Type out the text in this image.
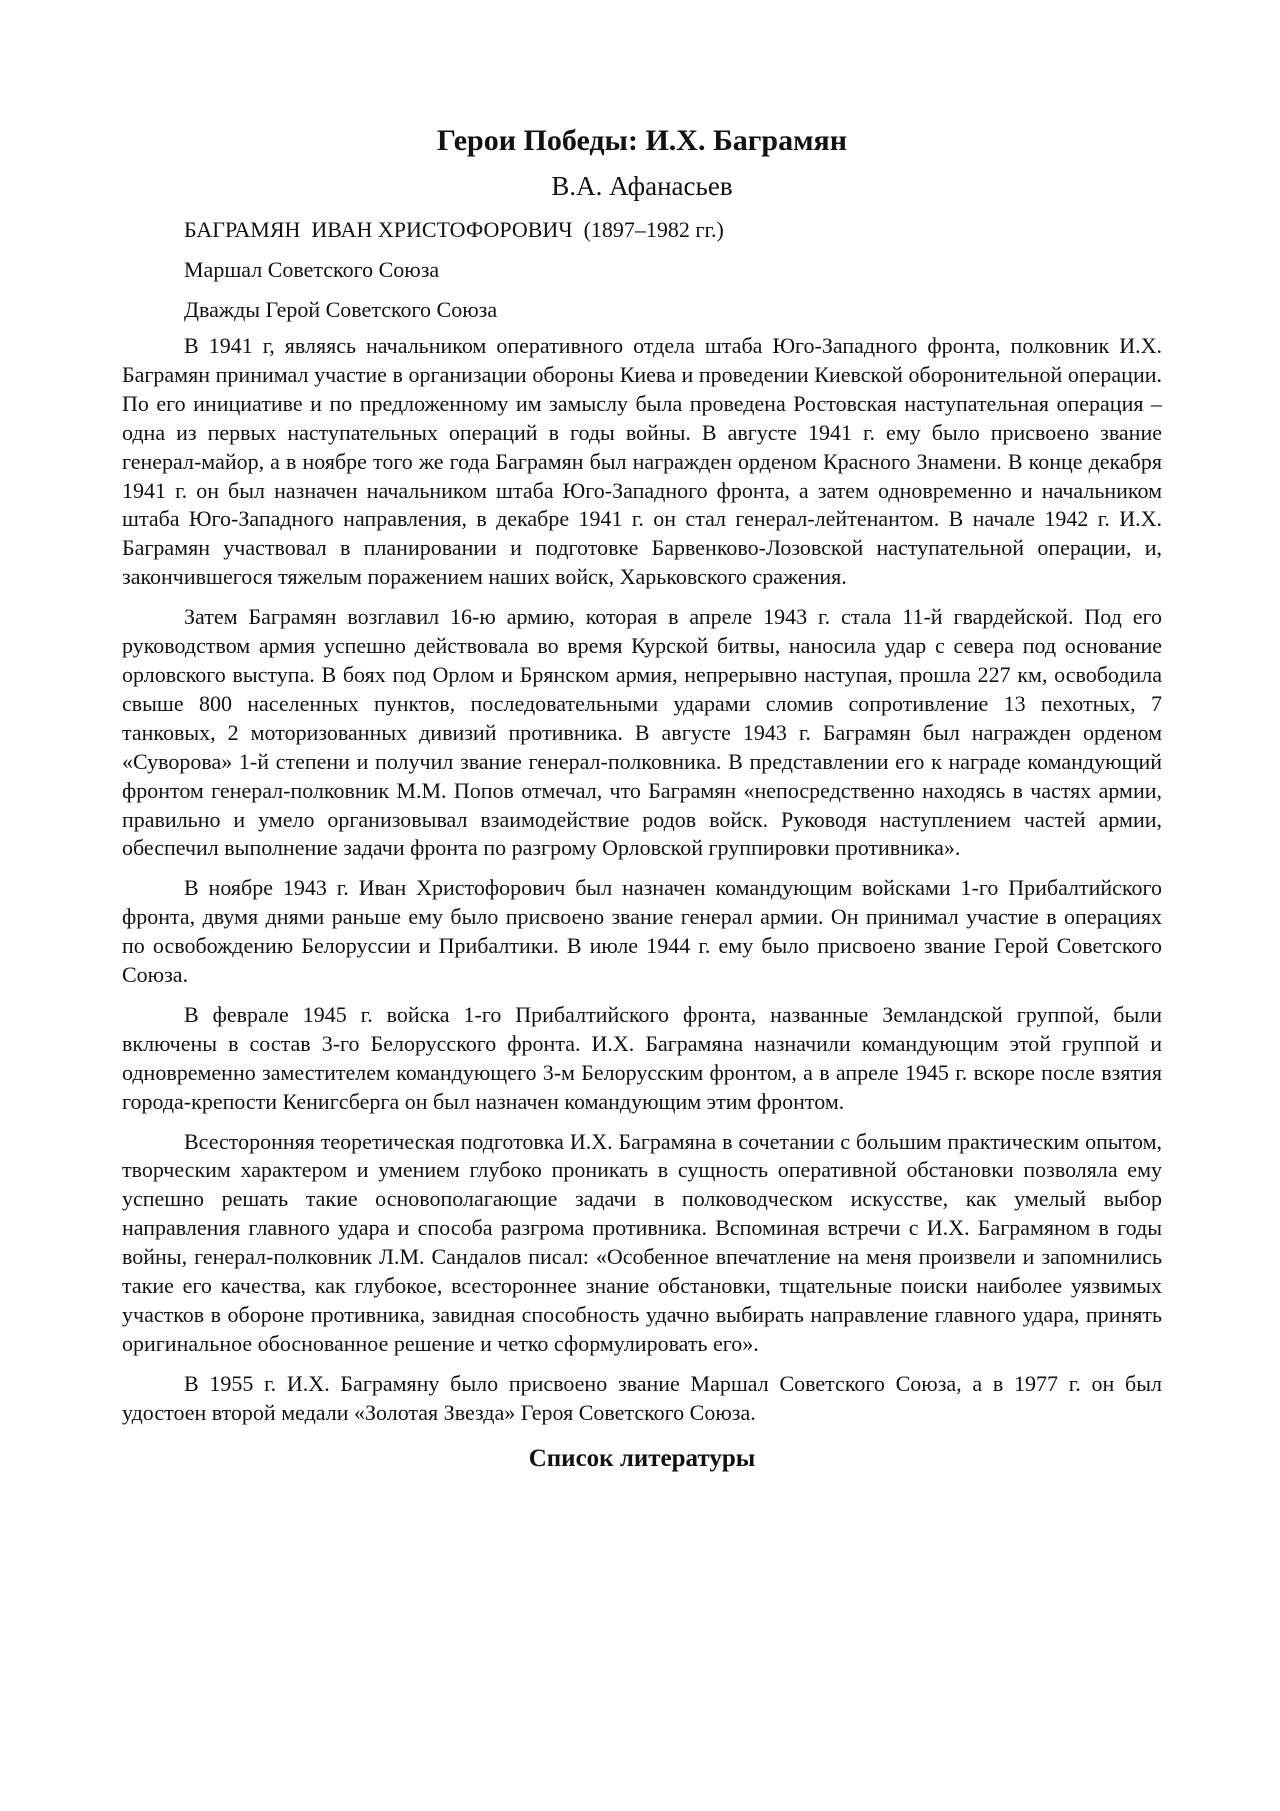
Герои Победы: И.Х. Баграмян
В.А. Афанасьев
БАГРАМЯН  ИВАН ХРИСТОФОРОВИЧ  (1897–1982 гг.)
Маршал Советского Союза
Дважды Герой Советского Союза

В 1941 г, являясь начальником оперативного отдела штаба Юго-Западного фронта, полковник И.Х. Баграмян принимал участие в организации обороны Киева и проведении Киевской оборонительной операции. По его инициативе и по предложенному им замыслу была проведена Ростовская наступательная операция – одна из первых наступательных операций в годы войны. В августе 1941 г. ему было присвоено звание генерал-майор, а в ноябре того же года Баграмян был награжден орденом Красного Знамени. В конце декабря 1941 г. он был назначен начальником штаба Юго-Западного фронта, а затем одновременно и начальником штаба Юго-Западного направления, в декабре 1941 г. он стал генерал-лейтенантом. В начале 1942 г. И.Х. Баграмян участвовал в планировании и подготовке Барвенково-Лозовской наступательной операции, и, закончившегося тяжелым поражением наших войск, Харьковского сражения.

Затем Баграмян возглавил 16-ю армию, которая в апреле 1943 г. стала 11-й гвардейской. Под его руководством армия успешно действовала во время Курской битвы, наносила удар с севера под основание орловского выступа. В боях под Орлом и Брянском армия, непрерывно наступая, прошла 227 км, освободила свыше 800 населенных пунктов, последовательными ударами сломив сопротивление 13 пехотных, 7 танковых, 2 моторизованных дивизий противника. В августе 1943 г. Баграмян был награжден орденом «Суворова» 1-й степени и получил звание генерал-полковника. В представлении его к награде командующий фронтом генерал-полковник М.М. Попов отмечал, что Баграмян «непосредственно находясь в частях армии, правильно и умело организовывал взаимодействие родов войск. Руководя наступлением частей армии, обеспечил выполнение задачи фронта по разгрому Орловской группировки противника».

В ноябре 1943 г. Иван Христофорович был назначен командующим войсками 1-го Прибалтийского фронта, двумя днями раньше ему было присвоено звание генерал армии. Он принимал участие в операциях по освобождению Белоруссии и Прибалтики. В июле 1944 г. ему было присвоено звание Герой Советского Союза.

В феврале 1945 г. войска 1-го Прибалтийского фронта, названные Земландской группой, были включены в состав 3-го Белорусского фронта. И.Х. Баграмяна назначили командующим этой группой и одновременно заместителем командующего 3-м Белорусским фронтом, а в апреле 1945 г. вскоре после взятия города-крепости Кенигсберга он был назначен командующим этим фронтом.

Всесторонняя теоретическая подготовка И.Х. Баграмяна в сочетании с большим практическим опытом, творческим характером и умением глубоко проникать в сущность оперативной обстановки позволяла ему успешно решать такие основополагающие задачи в полководческом искусстве, как умелый выбор направления главного удара и способа разгрома противника. Вспоминая встречи с И.Х. Баграмяном в годы войны, генерал-полковник Л.М. Сандалов писал: «Особенное впечатление на меня произвели и запомнились такие его качества, как глубокое, всестороннее знание обстановки, тщательные поиски наиболее уязвимых участков в обороне противника, завидная способность удачно выбирать направление главного удара, принять оригинальное обоснованное решение и четко сформулировать его».

В 1955 г. И.Х. Баграмяну было присвоено звание Маршал Советского Союза, а в 1977 г. он был удостоен второй медали «Золотая Звезда» Героя Советского Союза.

Список литературы
